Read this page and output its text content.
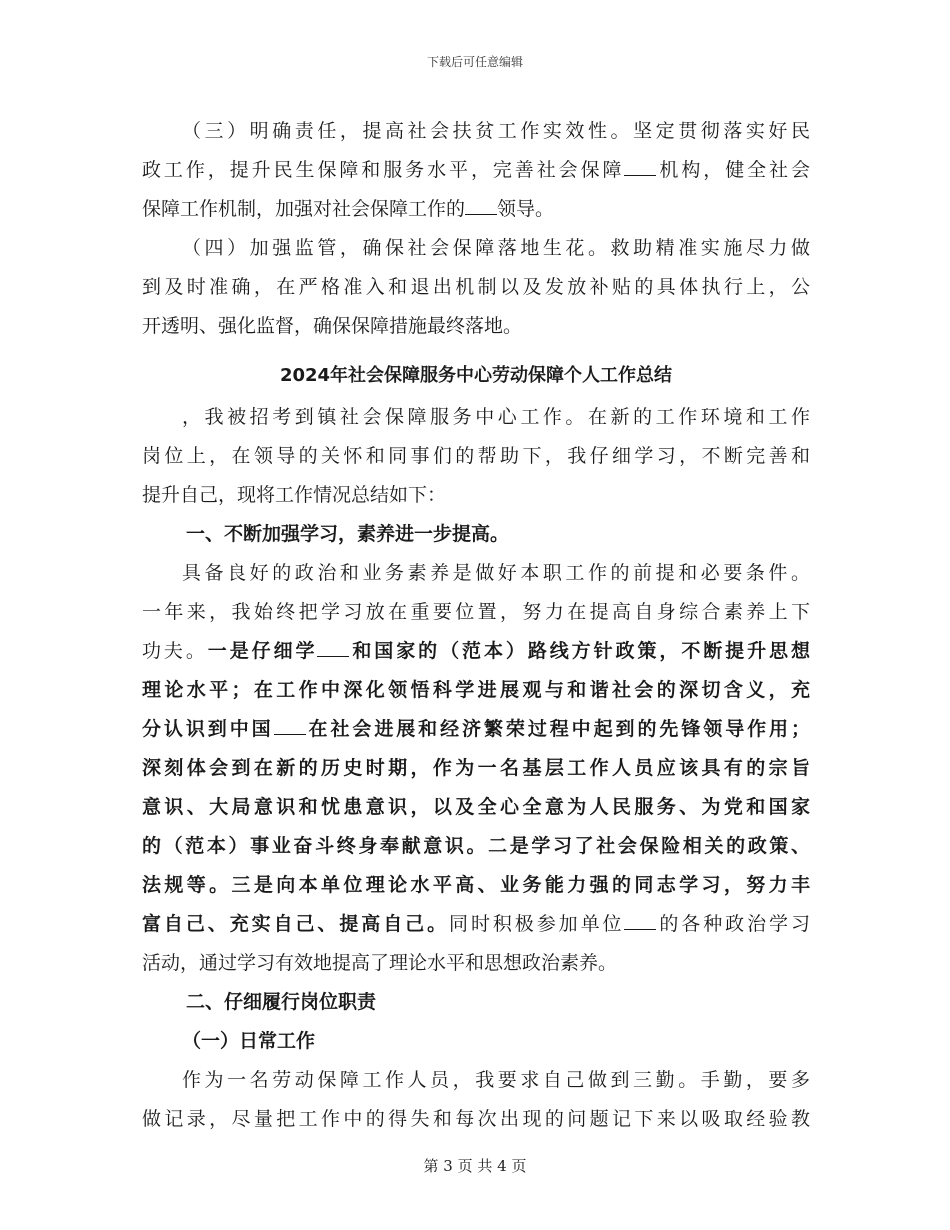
下载后可任意编辑
（三）明确责任，提高社会扶贫工作实效性。坚定贯彻落实好民
政工作，提升民生保障和服务水平，完善社会保障 机构，健全社会
保障工作机制，加强对社会保障工作的 领导。
（四）加强监管，确保社会保障落地生花。救助精准实施尽力做
到及时准确，在严格准入和退出机制以及发放补贴的具体执行上，公
开透明、强化监督，确保保障措施最终落地。
2024年社会保障服务中心劳动保障个人工作总结
，我被招考到镇社会保障服务中心工作。在新的工作环境和工作
岗位上，在领导的关怀和同事们的帮助下，我仔细学习，不断完善和
提升自己，现将工作情况总结如下：
一、不断加强学习，素养进一步提高。
具备良好的政治和业务素养是做好本职工作的前提和必要条件。
一年来，我始终把学习放在重要位置，努力在提高自身综合素养上下
功夫。一是仔细学 和国家的（范本）路线方针政策，不断提升思想
理论水平；在工作中深化领悟科学进展观与和谐社会的深切含义，充
分认识到中国 在社会进展和经济繁荣过程中起到的先锋领导作用；
深刻体会到在新的历史时期，作为一名基层工作人员应该具有的宗旨
意识、大局意识和忧患意识，以及全心全意为人民服务、为党和国家
的（范本）事业奋斗终身奉献意识。二是学习了社会保险相关的政策、
法规等。三是向本单位理论水平高、业务能力强的同志学习，努力丰
富自己、充实自己、提高自己。同时积极参加单位 的各种政治学习
活动，通过学习有效地提高了理论水平和思想政治素养。
二、仔细履行岗位职责
（一）日常工作
作为一名劳动保障工作人员，我要求自己做到三勤。手勤，要多
做记录，尽量把工作中的得失和每次出现的问题记下来以吸取经验教
第 3 页 共 4 页
